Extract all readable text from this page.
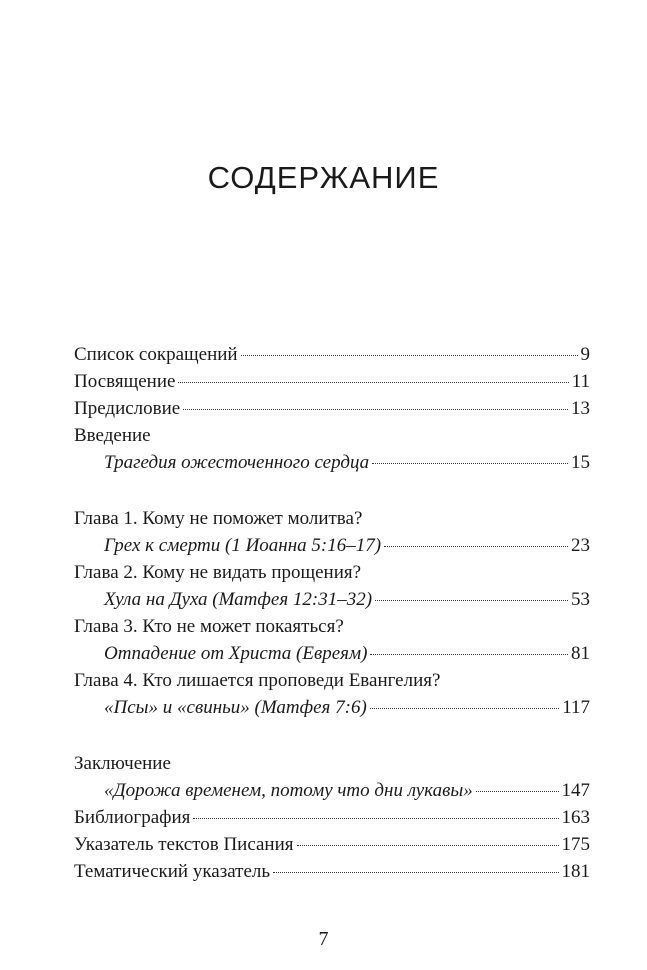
СОДЕРЖАНИЕ
Список сокращений	9
Посвящение	11
Предисловие	13
Введение
Трагедия ожесточенного сердца	15
Глава 1. Кому не поможет молитва?
Грех к смерти (1 Иоанна 5:16–17)	23
Глава 2. Кому не видать прощения?
Хула на Духа (Матфея 12:31–32)	53
Глава 3. Кто не может покаяться?
Отпадение от Христа (Евреям)	81
Глава 4. Кто лишается проповеди Евангелия?
«Псы» и «свиньи» (Матфея 7:6)	117
Заключение
«Дорожа временем, потому что дни лукавы»	147
Библиография	163
Указатель текстов Писания	175
Тематический указатель	181
7
